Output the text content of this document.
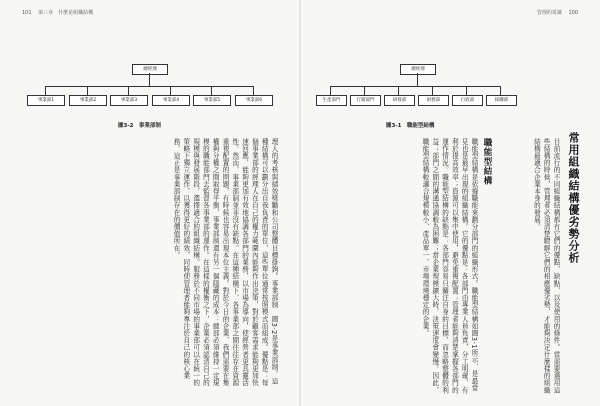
101 第三章　什麼是組織結構
總經理
事業部1	事業部2	事業部3	事業部4	事業部5	事業部6
圖3-2　事業部制

理人的考核與績效獎勵和公司整體目標掛鉤。事業部制　圖3-2是事業部制。這種結構可以劃分出自我負責的單位，這些單位通常按照模式而組成。優點是：每個事業部的經理人在自己的權力範圍內能夠作出決策，對於顧客需求能夠更加快速回應，能夠更加有效地協調各部門的業務，以市場為導向，使經營者更具靈活性。然而，事業部制並非沒有缺點。在這種結構下，各事業部之間往往存在資源重複配置的問題，有時候也容易出現本位主義。對於今日的企業，我們需要在集權與分權之間取得平衡，事業部制還有另一個隱藏的成本：總部必須維持一定規模的職能部門去監督各事業部的運作。在這樣的權衡之下，企業必須認清自己的規模與發展階段，選擇適合的組織結構。服務於不同市場的事業部可以在統一的策略下獨立運作，以獲得更好的績效，同時使管理者能夠專注於自己的核心業務，這正是事業部制存在的價值所在。

管理的常識 100
總經理
生產部門	行銷部門	研發部	財務部	行政部	採購部
圖3-1　職能型結構
常用組織結構優劣勢分析

目前流行的不同組織結構都有它們的優點、缺點，以及使用的條件。當需要選用這些結構的時候，管理者必須清楚瞭解它們的相應優劣勢，才能夠決定什麼樣的組織結構最適合企業本身的發展。

職能型結構

職能型結構是依據職能來劃分部門的組織形式。職能型結構如圖3-1所示，是最常見也是最早出現的組織結構。它的優點是：各部門由專業人員負責，分工明確，有利於提高效率；資源可以集中使用，避免重複配置；管理者能夠清楚掌握各部門的運作情況。職能型結構的缺點是：各部門容易只關注自身的目標，而忽略整體的利益；部門之間的溝通協調較為困難；當企業規模擴大時，決策速度會變慢。因此，職能型結構較適合規模較小、產品單一、市場環境穩定的企業。
